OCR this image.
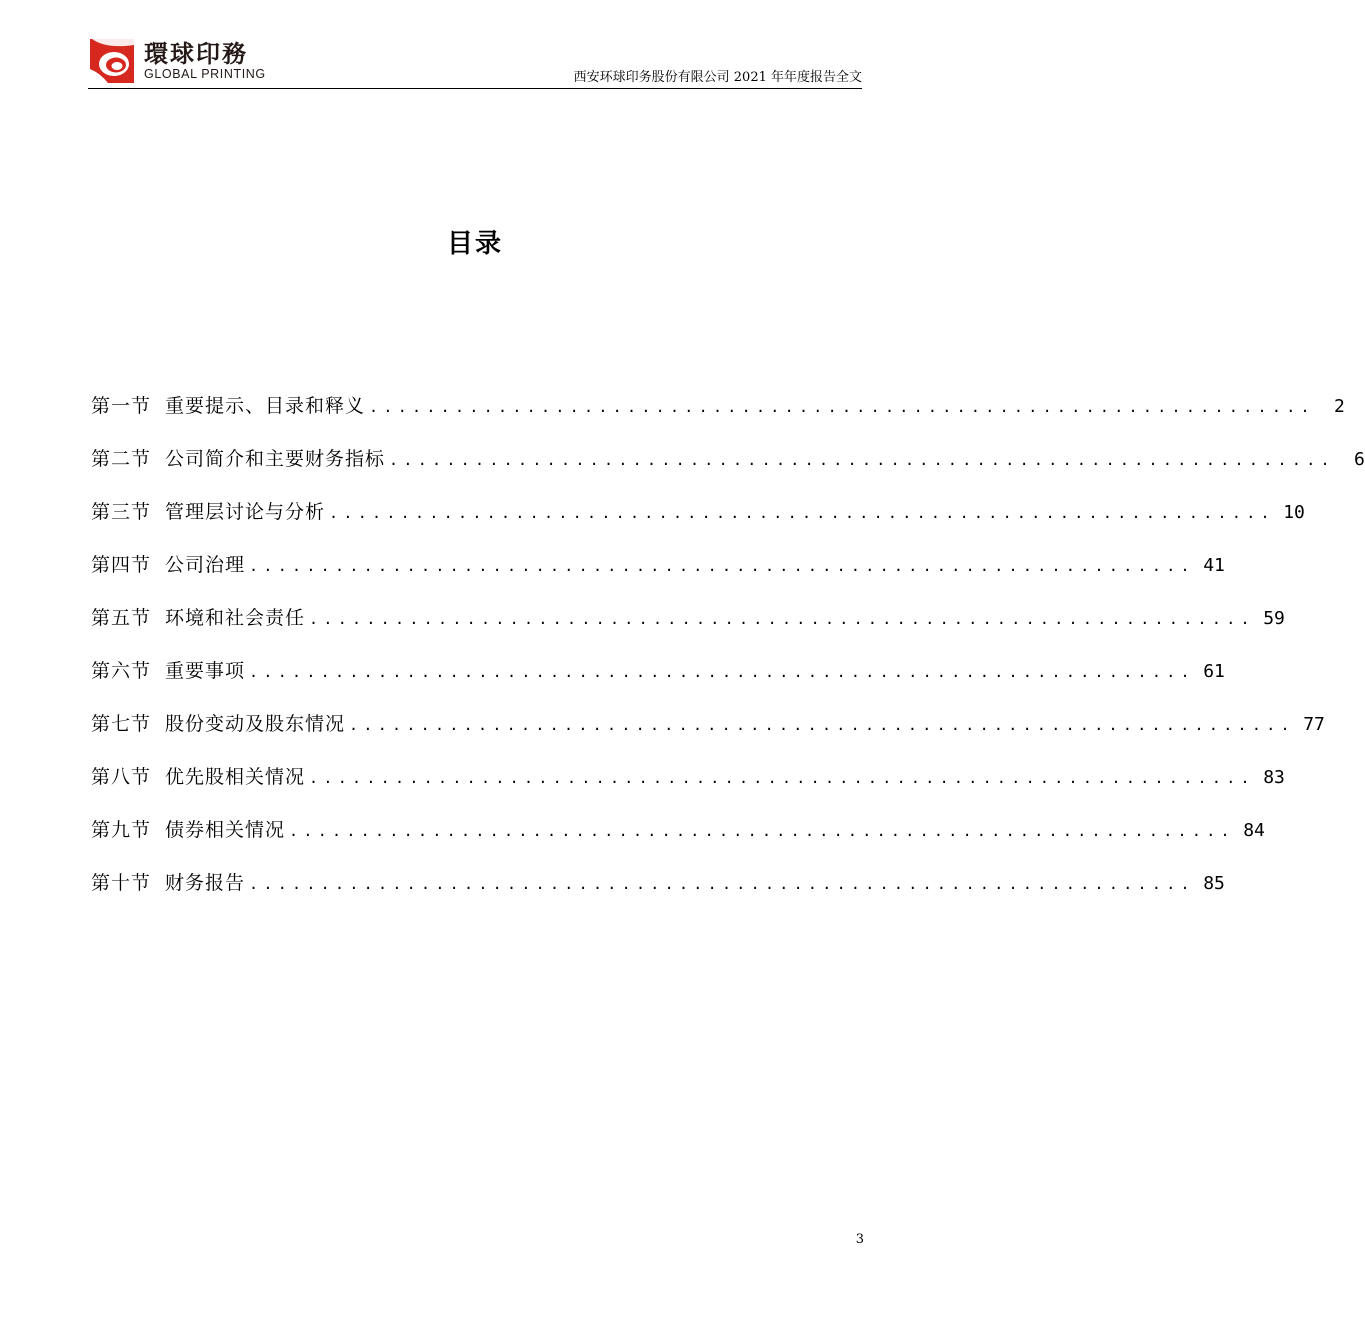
環球印務
GLOBAL PRINTING	西安环球印务股份有限公司 2021 年年度报告全文
目录
第一节 重要提示、目录和释义 ..................................................................	2
第二节 公司简介和主要财务指标 ..................................................................	6
第三节 管理层讨论与分析 .................................................................. 10
第四节 公司治理 .................................................................. 41
第五节 环境和社会责任 .................................................................. 59
第六节 重要事项 .................................................................. 61
第七节 股份变动及股东情况 .................................................................. 77
第八节 优先股相关情况 .................................................................. 83
第九节 债券相关情况 .................................................................. 84
第十节 财务报告 .................................................................. 85
3
